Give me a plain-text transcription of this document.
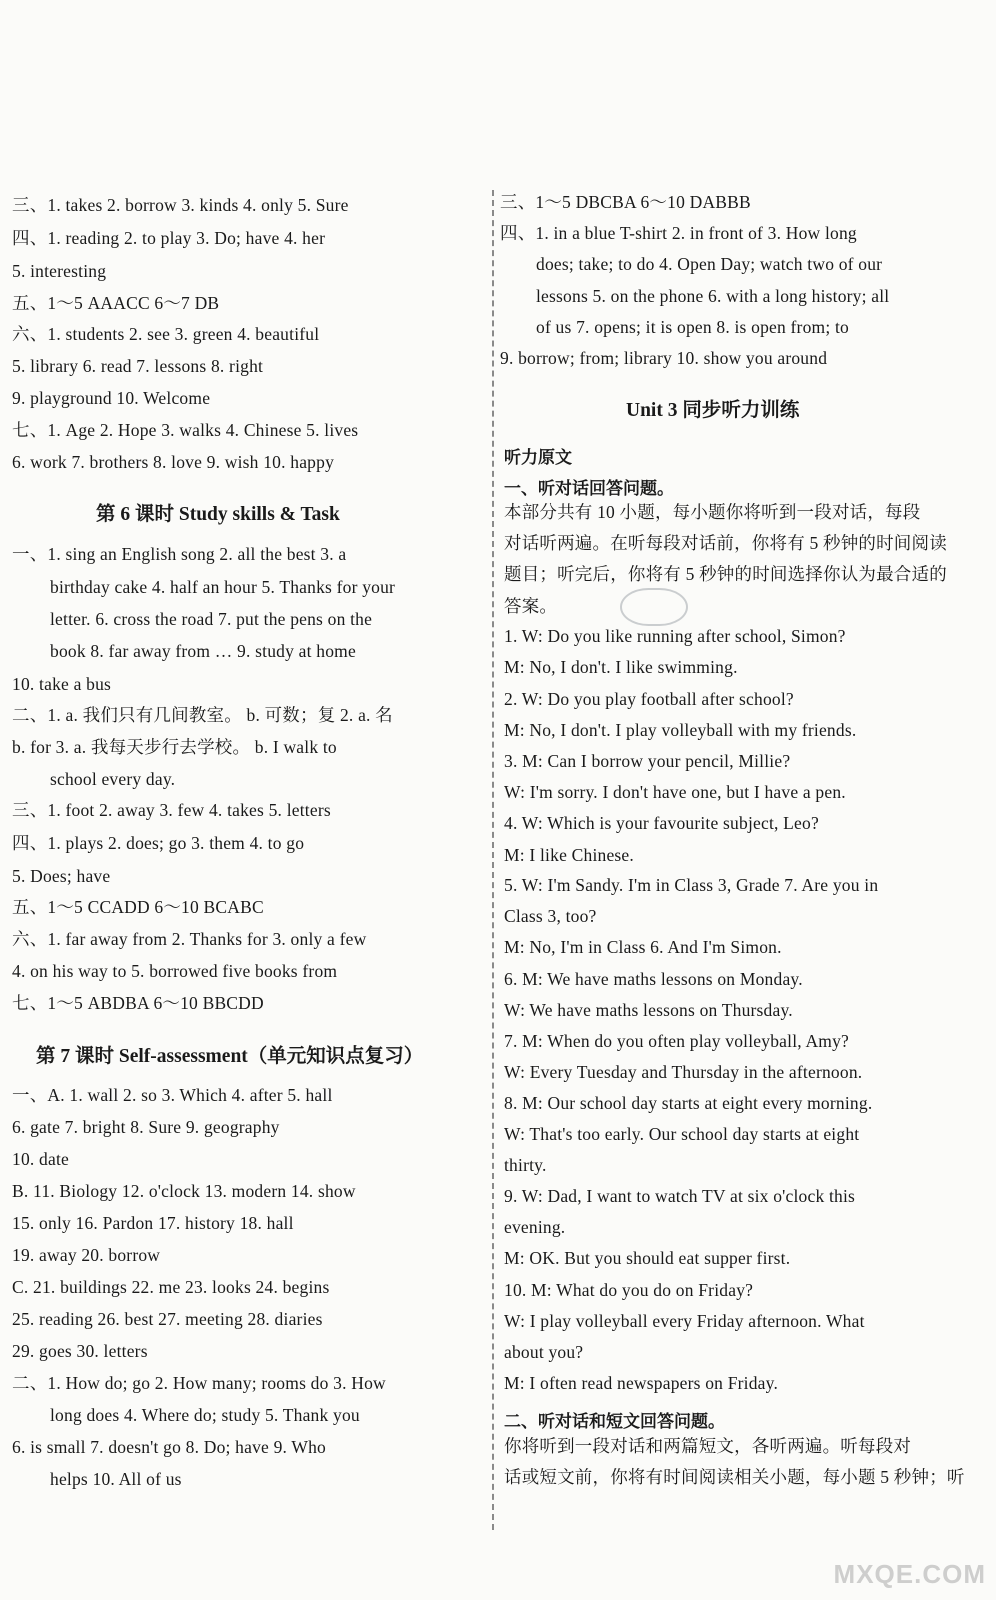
三、1. takes 2. borrow 3. kinds 4. only 5. Sure
四、1. reading 2. to play 3. Do; have 4. her
5. interesting
五、1～5 AAACC 6～7 DB
六、1. students 2. see 3. green 4. beautiful
5. library 6. read 7. lessons 8. right
9. playground 10. Welcome
七、1. Age 2. Hope 3. walks 4. Chinese 5. lives
6. work 7. brothers 8. love 9. wish 10. happy
第 6 课时 Study skills & Task
一、1. sing an English song 2. all the best 3. a
birthday cake 4. half an hour 5. Thanks for your
letter. 6. cross the road 7. put the pens on the
book 8. far away from … 9. study at home
10. take a bus
二、1. a. 我们只有几间教室。 b. 可数；复 2. a. 名
b. for 3. a. 我每天步行去学校。 b. I walk to
school every day.
三、1. foot 2. away 3. few 4. takes 5. letters
四、1. plays 2. does; go 3. them 4. to go
5. Does; have
五、1～5 CCADD 6～10 BCABC
六、1. far away from 2. Thanks for 3. only a few
4. on his way to 5. borrowed five books from
七、1～5 ABDBA 6～10 BBCDD
第 7 课时 Self-assessment（单元知识点复习）
一、A. 1. wall 2. so 3. Which 4. after 5. hall
6. gate 7. bright 8. Sure 9. geography
10. date
B. 11. Biology 12. o'clock 13. modern 14. show
15. only 16. Pardon 17. history 18. hall
19. away 20. borrow
C. 21. buildings 22. me 23. looks 24. begins
25. reading 26. best 27. meeting 28. diaries
29. goes 30. letters
二、1. How do; go 2. How many; rooms do 3. How
long does 4. Where do; study 5. Thank you
6. is small 7. doesn't go 8. Do; have 9. Who
helps 10. All of us
三、1～5 DBCBA 6～10 DABBB
四、1. in a blue T-shirt 2. in front of 3. How long
does; take; to do 4. Open Day; watch two of our
lessons 5. on the phone 6. with a long history; all
of us 7. opens; it is open 8. is open from; to
9. borrow; from; library 10. show you around
Unit 3 同步听力训练
听力原文
一、听对话回答问题。
本部分共有 10 小题，每小题你将听到一段对话，每段
对话听两遍。在听每段对话前，你将有 5 秒钟的时间阅读
题目；听完后，你将有 5 秒钟的时间选择你认为最合适的
答案。
1. W: Do you like running after school, Simon?
M: No, I don't. I like swimming.
2. W: Do you play football after school?
M: No, I don't. I play volleyball with my friends.
3. M: Can I borrow your pencil, Millie?
W: I'm sorry. I don't have one, but I have a pen.
4. W: Which is your favourite subject, Leo?
M: I like Chinese.
5. W: I'm Sandy. I'm in Class 3, Grade 7. Are you in
Class 3, too?
M: No, I'm in Class 6. And I'm Simon.
6. M: We have maths lessons on Monday.
W: We have maths lessons on Thursday.
7. M: When do you often play volleyball, Amy?
W: Every Tuesday and Thursday in the afternoon.
8. M: Our school day starts at eight every morning.
W: That's too early. Our school day starts at eight
thirty.
9. W: Dad, I want to watch TV at six o'clock this
evening.
M: OK. But you should eat supper first.
10. M: What do you do on Friday?
W: I play volleyball every Friday afternoon. What
about you?
M: I often read newspapers on Friday.
二、听对话和短文回答问题。
你将听到一段对话和两篇短文，各听两遍。听每段对
话或短文前，你将有时间阅读相关小题，每小题 5 秒钟；听
MXQE.COM
